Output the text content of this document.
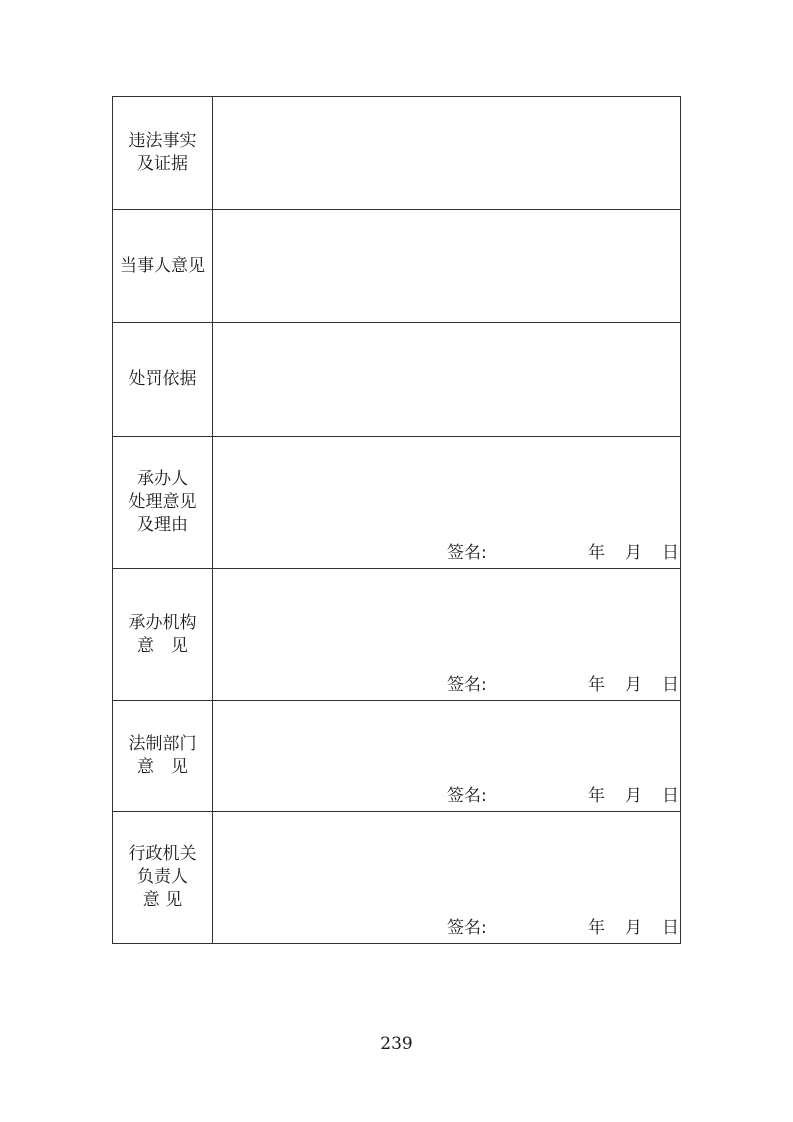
违法事实
及证据	

当事人意见	

处罚依据	

承办人
处理意见
及理由	签名: 年 月 日

承办机构
意　见	签名: 年 月 日

法制部门
意　见	签名: 年 月 日

行政机关
负责人
意 见	签名: 年 月 日
239
